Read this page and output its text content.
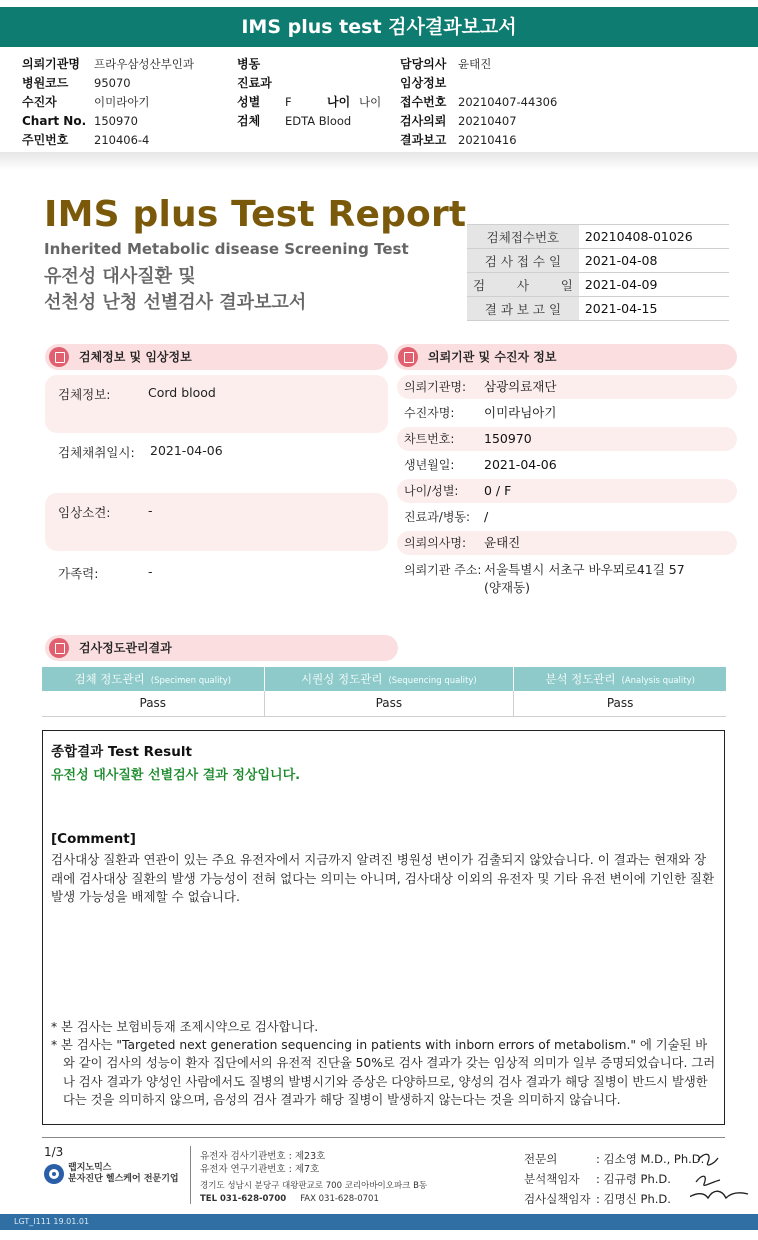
IMS plus test 검사결과보고서
의뢰기관명 프라우삼성산부인과
병원코드 95070
수진자	이미라아기
Chart No. 150970
주민번호 210406-4
병동
진료과
성별 F	나이 나이
검체 EDTA Blood
담당의사 윤태진
임상정보
접수번호 20210407-44306
검사의뢰 20210407
결과보고 20210416
IMS plus Test Report
Inherited Metabolic disease Screening Test
유전성 대사질환 및
선천성 난청 선별검사 결과보고서
검체접수번호	20210408-01026
검 사 접 수 일	2021-04-08
검        사        일	2021-04-09
결 과 보 고 일	2021-04-15
검체정보 및 임상정보
검체정보:	Cord blood
검체채취일시: 2021-04-06
임상소견:	-
가족력:	-
의뢰기관 및 수진자 정보
의뢰기관명: 삼광의료재단
수진자명: 이미라님아기
차트번호: 150970
생년월일: 2021-04-06
나이/성별: 0 / F
진료과/병동: /
의뢰의사명: 윤태진
의뢰기관 주소: 서울특별시 서초구 바우뫼로41길 57
(양재동)
검사정도관리결과
검체 정도관리 (Specimen quality)	시퀀싱 정도관리 (Sequencing quality)	분석 정도관리 (Analysis quality)
Pass	Pass	Pass
종합결과 Test Result
유전성 대사질환 선별검사 결과 정상입니다.
[Comment]
검사대상 질환과 연관이 있는 주요 유전자에서 지금까지 알려진 병원성 변이가 검출되지 않았습니다. 이 결과는 현재와 장래에 검사대상 질환의 발생 가능성이 전혀 없다는 의미는 아니며, 검사대상 이외의 유전자 및 기타 유전 변이에 기인한 질환 발생 가능성을 배제할 수 없습니다.
* 본 검사는 보험비등재 조제시약으로 검사합니다.
* 본 검사는 "Targeted next generation sequencing in patients with inborn errors of metabolism." 에 기술된 바와 같이 검사의 성능이 환자 집단에서의 유전적 진단율 50%로 검사 결과가 갖는 임상적 의미가 일부 증명되었습니다. 그러나 검사 결과가 양성인 사람에서도 질병의 발병시기와 증상은 다양하므로, 양성의 검사 결과가 해당 질병이 반드시 발생한다는 것을 의미하지 않으며, 음성의 검사 결과가 해당 질병이 발생하지 않는다는 것을 의미하지 않습니다.
1/3
랩지노믹스
분자진단 헬스케어 전문기업
유전자 검사기관번호 : 제23호
유전자 연구기관번호 : 제7호
경기도 성남시 분당구 대왕판교로 700 코리아바이오파크 B동
TEL 031-628-0700 FAX 031-628-0701
전문의	: 김소영 M.D., Ph.D.
분석책임자 : 김규령 Ph.D.
검사실책임자 : 김명신 Ph.D.
LGT_I111 19.01.01
